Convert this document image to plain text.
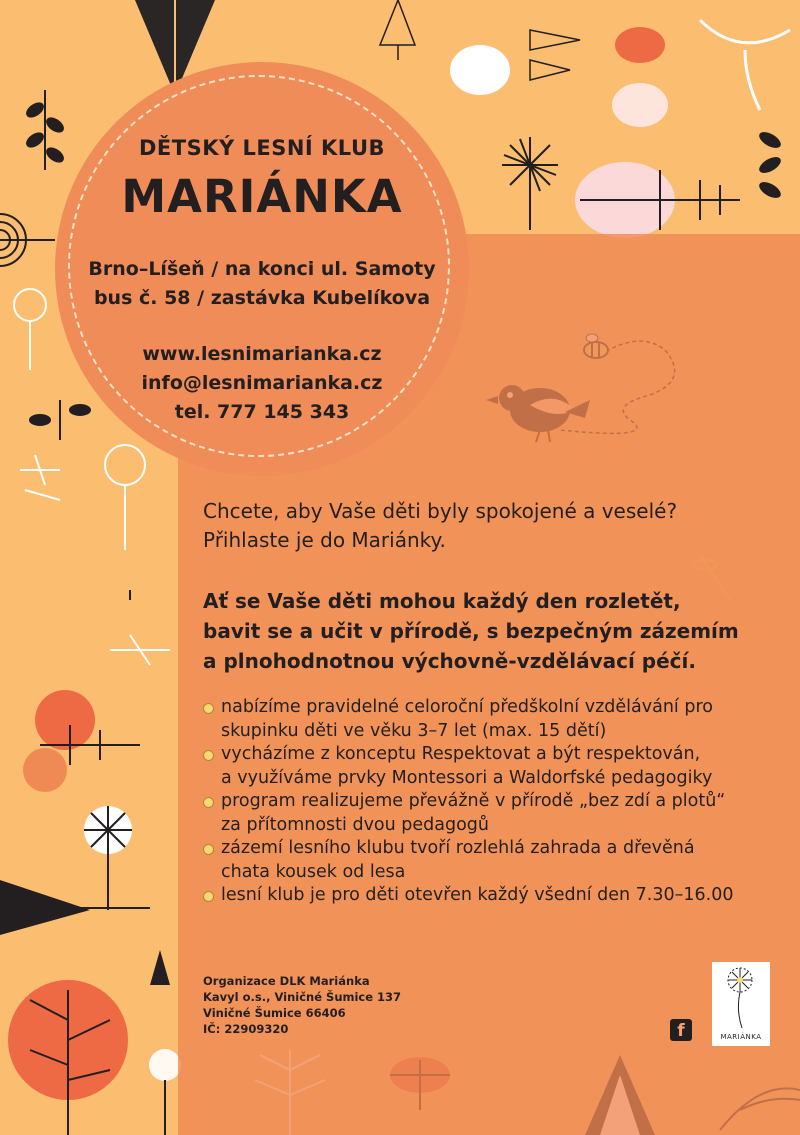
DĚTSKÝ LESNÍ KLUB
MARIÁNKA
Brno–Líšeň / na konci ul. Samoty
bus č. 58 / zastávka Kubelíkova
www.lesnimarianka.cz
info@lesnimarianka.cz
tel. 777 145 343
Chcete, aby Vaše děti byly spokojené a veselé?
Přihlaste je do Mariánky.
Ať se Vaše děti mohou každý den rozletět,
bavit se a učit v přírodě, s bezpečným zázemím
a plnohodnotnou výchovně-vzdělávací péčí.
nabízíme pravidelné celoroční předškolní vzdělávání pro
skupinku děti ve věku 3–7 let (max. 15 dětí)
vycházíme z konceptu Respektovat a být respektován,
a využíváme prvky Montessori a Waldorfské pedagogiky
program realizujeme převážně v přírodě „bez zdí a plotů“
za přítomnosti dvou pedagogů
zázemí lesního klubu tvoří rozlehlá zahrada a dřevěná
chata kousek od lesa
lesní klub je pro děti otevřen každý všední den 7.30–16.00
Organizace DLK Mariánka
Kavyl o.s., Viničné Šumice 137
Viničné Šumice 66406
IČ: 22909320	f	MARIÁNKA
